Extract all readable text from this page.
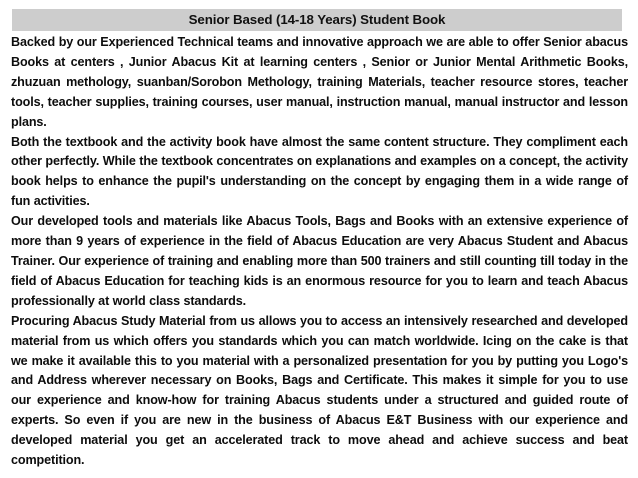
Senior Based (14-18 Years) Student Book

Backed by our Experienced Technical teams and innovative approach we are able to offer Senior abacus Books at centers , Junior Abacus Kit at learning centers , Senior or Junior Mental Arithmetic Books, zhuzuan methology, suanban/Sorobon Methology, training Materials, teacher resource stores, teacher tools, teacher supplies, training courses, user manual, instruction manual, manual instructor and lesson plans.

Both the textbook and the activity book have almost the same content structure. They compliment each other perfectly. While the textbook concentrates on explanations and examples on a concept, the activity book helps to enhance the pupil's understanding on the concept by engaging them in a wide range of fun activities.

Our developed tools and materials like Abacus Tools, Bags and Books with an extensive experience of more than 9 years of experience in the field of Abacus Education are very Abacus Student and Abacus Trainer. Our experience of training and enabling more than 500 trainers and still counting till today in the field of Abacus Education for teaching kids is an enormous resource for you to learn and teach Abacus professionally at world class standards.

Procuring Abacus Study Material from us allows you to access an intensively researched and developed material from us which offers you standards which you can match worldwide. Icing on the cake is that we make it available this to you material with a personalized presentation for you by putting you Logo's and Address wherever necessary on Books, Bags and Certificate. This makes it simple for you to use our experience and know-how for training Abacus students under a structured and guided route of experts. So even if you are new in the business of Abacus E&T Business with our experience and developed material you get an accelerated track to move ahead and achieve success and beat competition.
